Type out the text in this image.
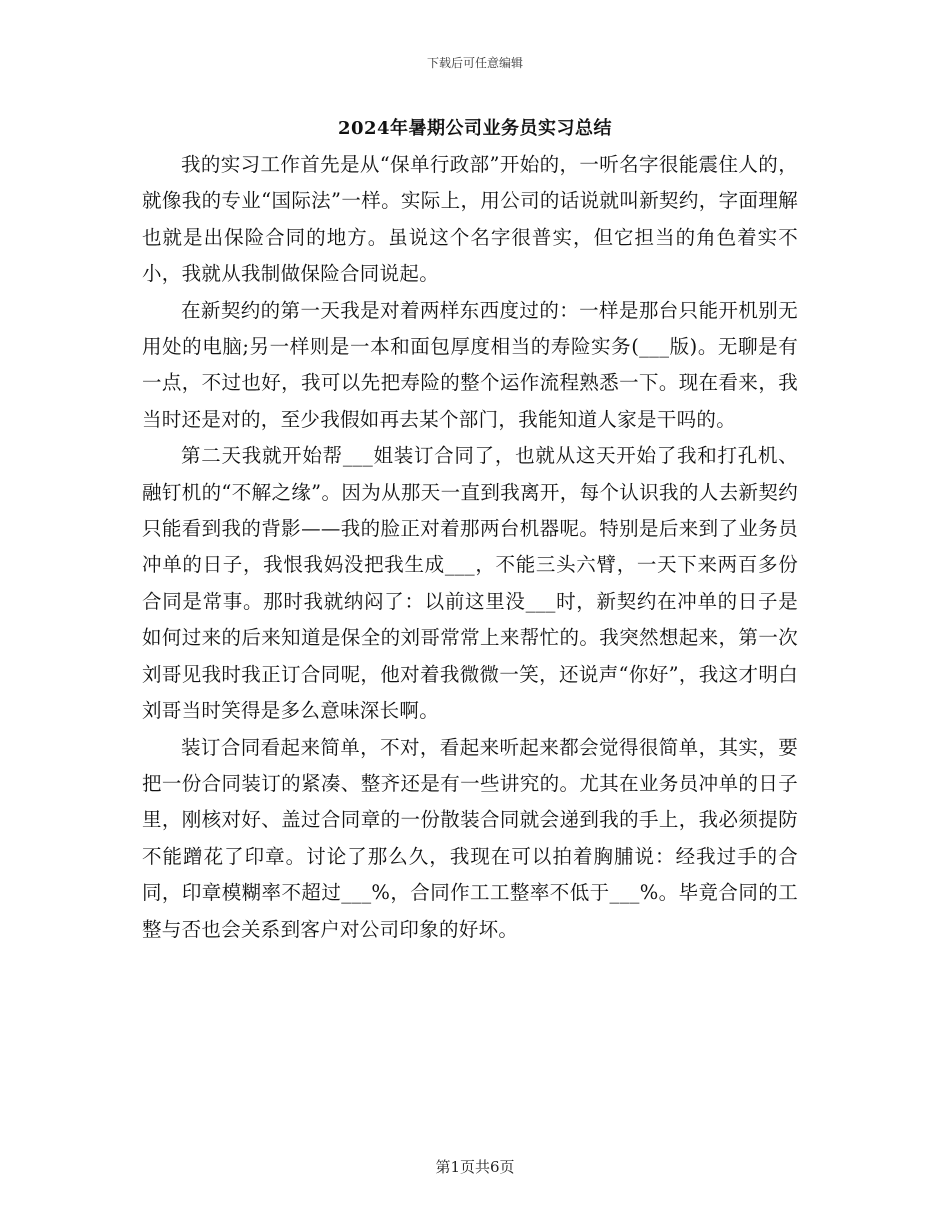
下载后可任意编辑
2024年暑期公司业务员实习总结

我的实习工作首先是从“保单行政部”开始的，一听名字很能震住人的，就像我的专业“国际法”一样。实际上，用公司的话说就叫新契约，字面理解也就是出保险合同的地方。虽说这个名字很普实，但它担当的角色着实不小，我就从我制做保险合同说起。

在新契约的第一天我是对着两样东西度过的：一样是那台只能开机别无用处的电脑;另一样则是一本和面包厚度相当的寿险实务(___版)。无聊是有一点，不过也好，我可以先把寿险的整个运作流程熟悉一下。现在看来，我当时还是对的，至少我假如再去某个部门，我能知道人家是干吗的。

第二天我就开始帮___姐装订合同了，也就从这天开始了我和打孔机、融钉机的“不解之缘”。因为从那天一直到我离开，每个认识我的人去新契约只能看到我的背影——我的脸正对着那两台机器呢。特别是后来到了业务员冲单的日子，我恨我妈没把我生成___，不能三头六臂，一天下来两百多份合同是常事。那时我就纳闷了：以前这里没___时，新契约在冲单的日子是如何过来的后来知道是保全的刘哥常常上来帮忙的。我突然想起来，第一次刘哥见我时我正订合同呢，他对着我微微一笑，还说声“你好”，我这才明白刘哥当时笑得是多么意味深长啊。

装订合同看起来简单，不对，看起来听起来都会觉得很简单，其实，要把一份合同装订的紧凑、整齐还是有一些讲究的。尤其在业务员冲单的日子里，刚核对好、盖过合同章的一份散装合同就会递到我的手上，我必须提防不能蹭花了印章。讨论了那么久，我现在可以拍着胸脯说：经我过手的合同，印章模糊率不超过___%，合同作工工整率不低于___%。毕竟合同的工整与否也会关系到客户对公司印象的好坏。

第1页共6页
